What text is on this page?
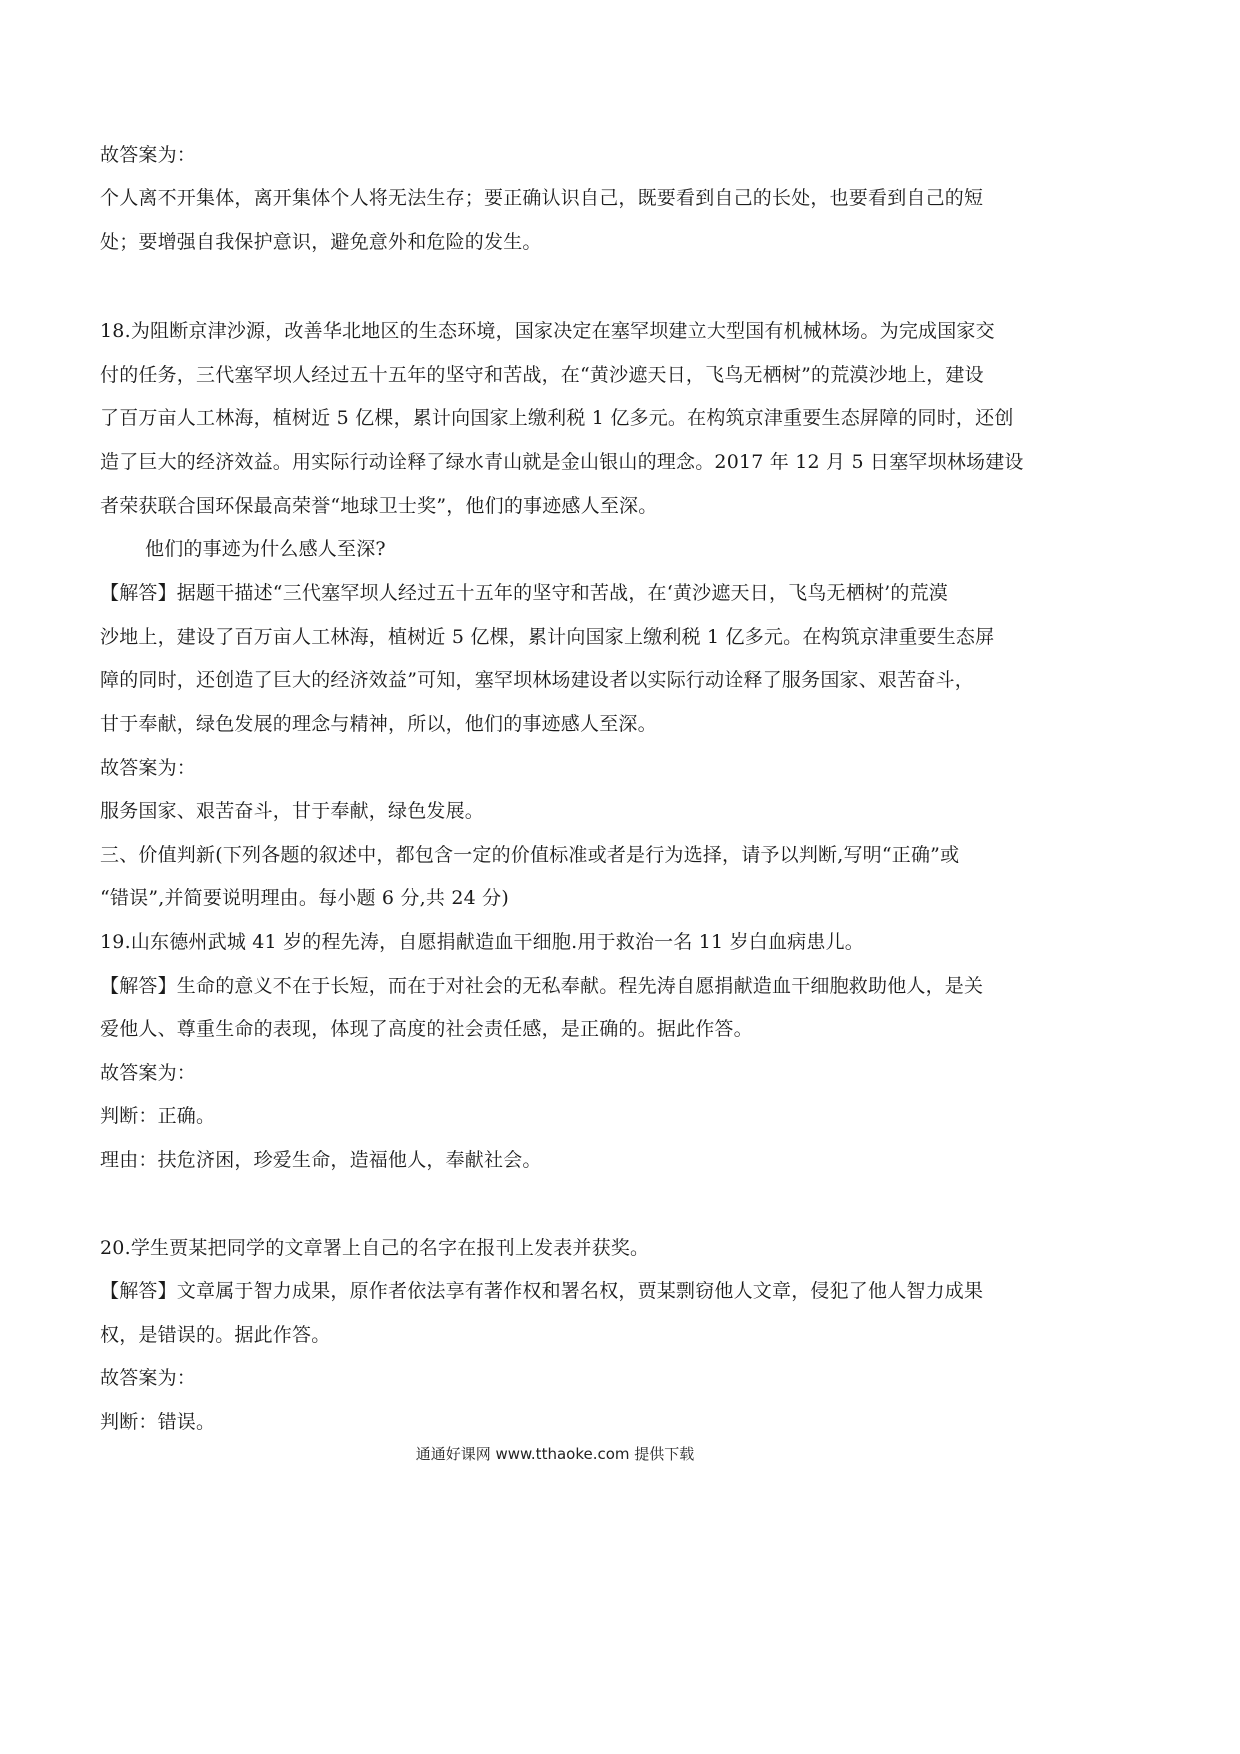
故答案为：
个人离不开集体，离开集体个人将无法生存；要正确认识自己，既要看到自己的长处，也要看到自己的短
处；要增强自我保护意识，避免意外和危险的发生。
18.为阻断京津沙源，改善华北地区的生态环境，国家决定在塞罕坝建立大型国有机械林场。为完成国家交
付的任务，三代塞罕坝人经过五十五年的坚守和苦战，在“黄沙遮天日，飞鸟无栖树”的荒漠沙地上，建设
了百万亩人工林海，植树近 5 亿棵，累计向国家上缴利税 1 亿多元。在构筑京津重要生态屏障的同时，还创
造了巨大的经济效益。用实际行动诠释了绿水青山就是金山银山的理念。2017 年 12 月 5 日塞罕坝林场建设
者荣获联合国环保最高荣誉“地球卫士奖”，他们的事迹感人至深。
他们的事迹为什么感人至深?
【解答】据题干描述“三代塞罕坝人经过五十五年的坚守和苦战，在‘黄沙遮天日，飞鸟无栖树’的荒漠
沙地上，建设了百万亩人工林海，植树近 5 亿棵，累计向国家上缴利税 1 亿多元。在构筑京津重要生态屏
障的同时，还创造了巨大的经济效益”可知，塞罕坝林场建设者以实际行动诠释了服务国家、艰苦奋斗，
甘于奉献，绿色发展的理念与精神，所以，他们的事迹感人至深。
故答案为：
服务国家、艰苦奋斗，甘于奉献，绿色发展。
三、价值判新(下列各题的叙述中，都包含一定的价值标准或者是行为选择，请予以判断,写明“正确”或
“错误”,并简要说明理由。每小题 6 分,共 24 分)
19.山东德州武城 41 岁的程先涛，自愿捐献造血干细胞.用于救治一名 11 岁白血病患儿。
【解答】生命的意义不在于长短，而在于对社会的无私奉献。程先涛自愿捐献造血干细胞救助他人，是关
爱他人、尊重生命的表现，体现了高度的社会责任感，是正确的。据此作答。
故答案为：
判断：正确。
理由：扶危济困，珍爱生命，造福他人，奉献社会。
20.学生贾某把同学的文章署上自己的名字在报刊上发表并获奖。
【解答】文章属于智力成果，原作者依法享有著作权和署名权，贾某剽窃他人文章，侵犯了他人智力成果
权，是错误的。据此作答。
故答案为：
判断：错误。
通通好课网 www.tthaoke.com 提供下载
